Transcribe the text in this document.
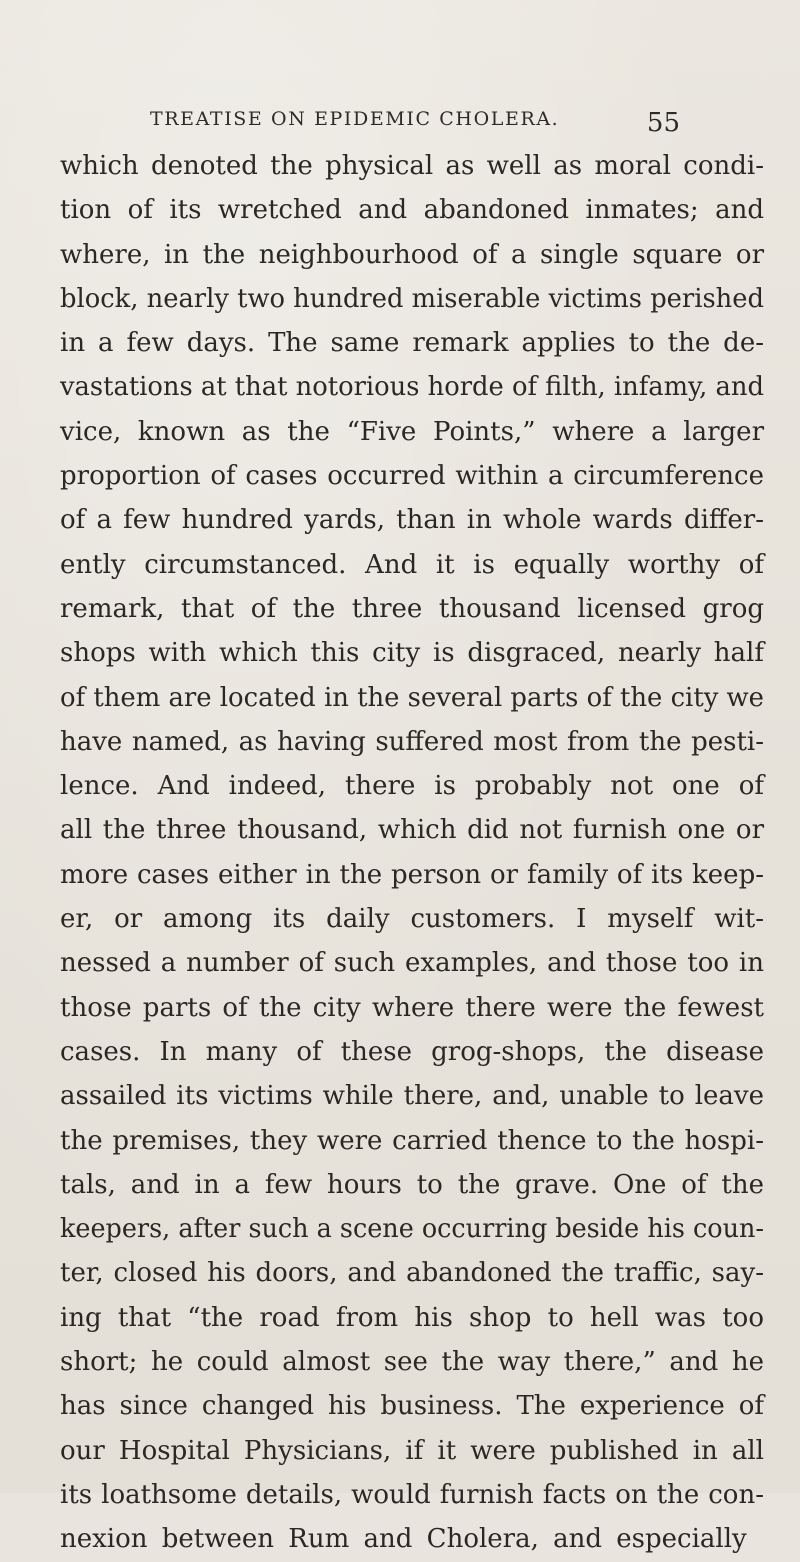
TREATISE ON EPIDEMIC CHOLERA.	55
which denoted the physical as well as moral condi-
tion of its wretched and abandoned inmates; and
where, in the neighbourhood of a single square or
block, nearly two hundred miserable victims perished
in a few days. The same remark applies to the de-
vastations at that notorious horde of filth, infamy, and
vice, known as the “Five Points,” where a larger
proportion of cases occurred within a circumference
of a few hundred yards, than in whole wards differ-
ently circumstanced. And it is equally worthy of
remark, that of the three thousand licensed grog
shops with which this city is disgraced, nearly half
of them are located in the several parts of the city we
have named, as having suffered most from the pesti-
lence. And indeed, there is probably not one of
all the three thousand, which did not furnish one or
more cases either in the person or family of its keep-
er, or among its daily customers. I myself wit-
nessed a number of such examples, and those too in
those parts of the city where there were the fewest
cases. In many of these grog-shops, the disease
assailed its victims while there, and, unable to leave
the premises, they were carried thence to the hospi-
tals, and in a few hours to the grave. One of the
keepers, after such a scene occurring beside his coun-
ter, closed his doors, and abandoned the traffic, say-
ing that “the road from his shop to hell was too
short; he could almost see the way there,” and he
has since changed his business. The experience of
our Hospital Physicians, if it were published in all
its loathsome details, would furnish facts on the con-
nexion between Rum and Cholera, and especially
